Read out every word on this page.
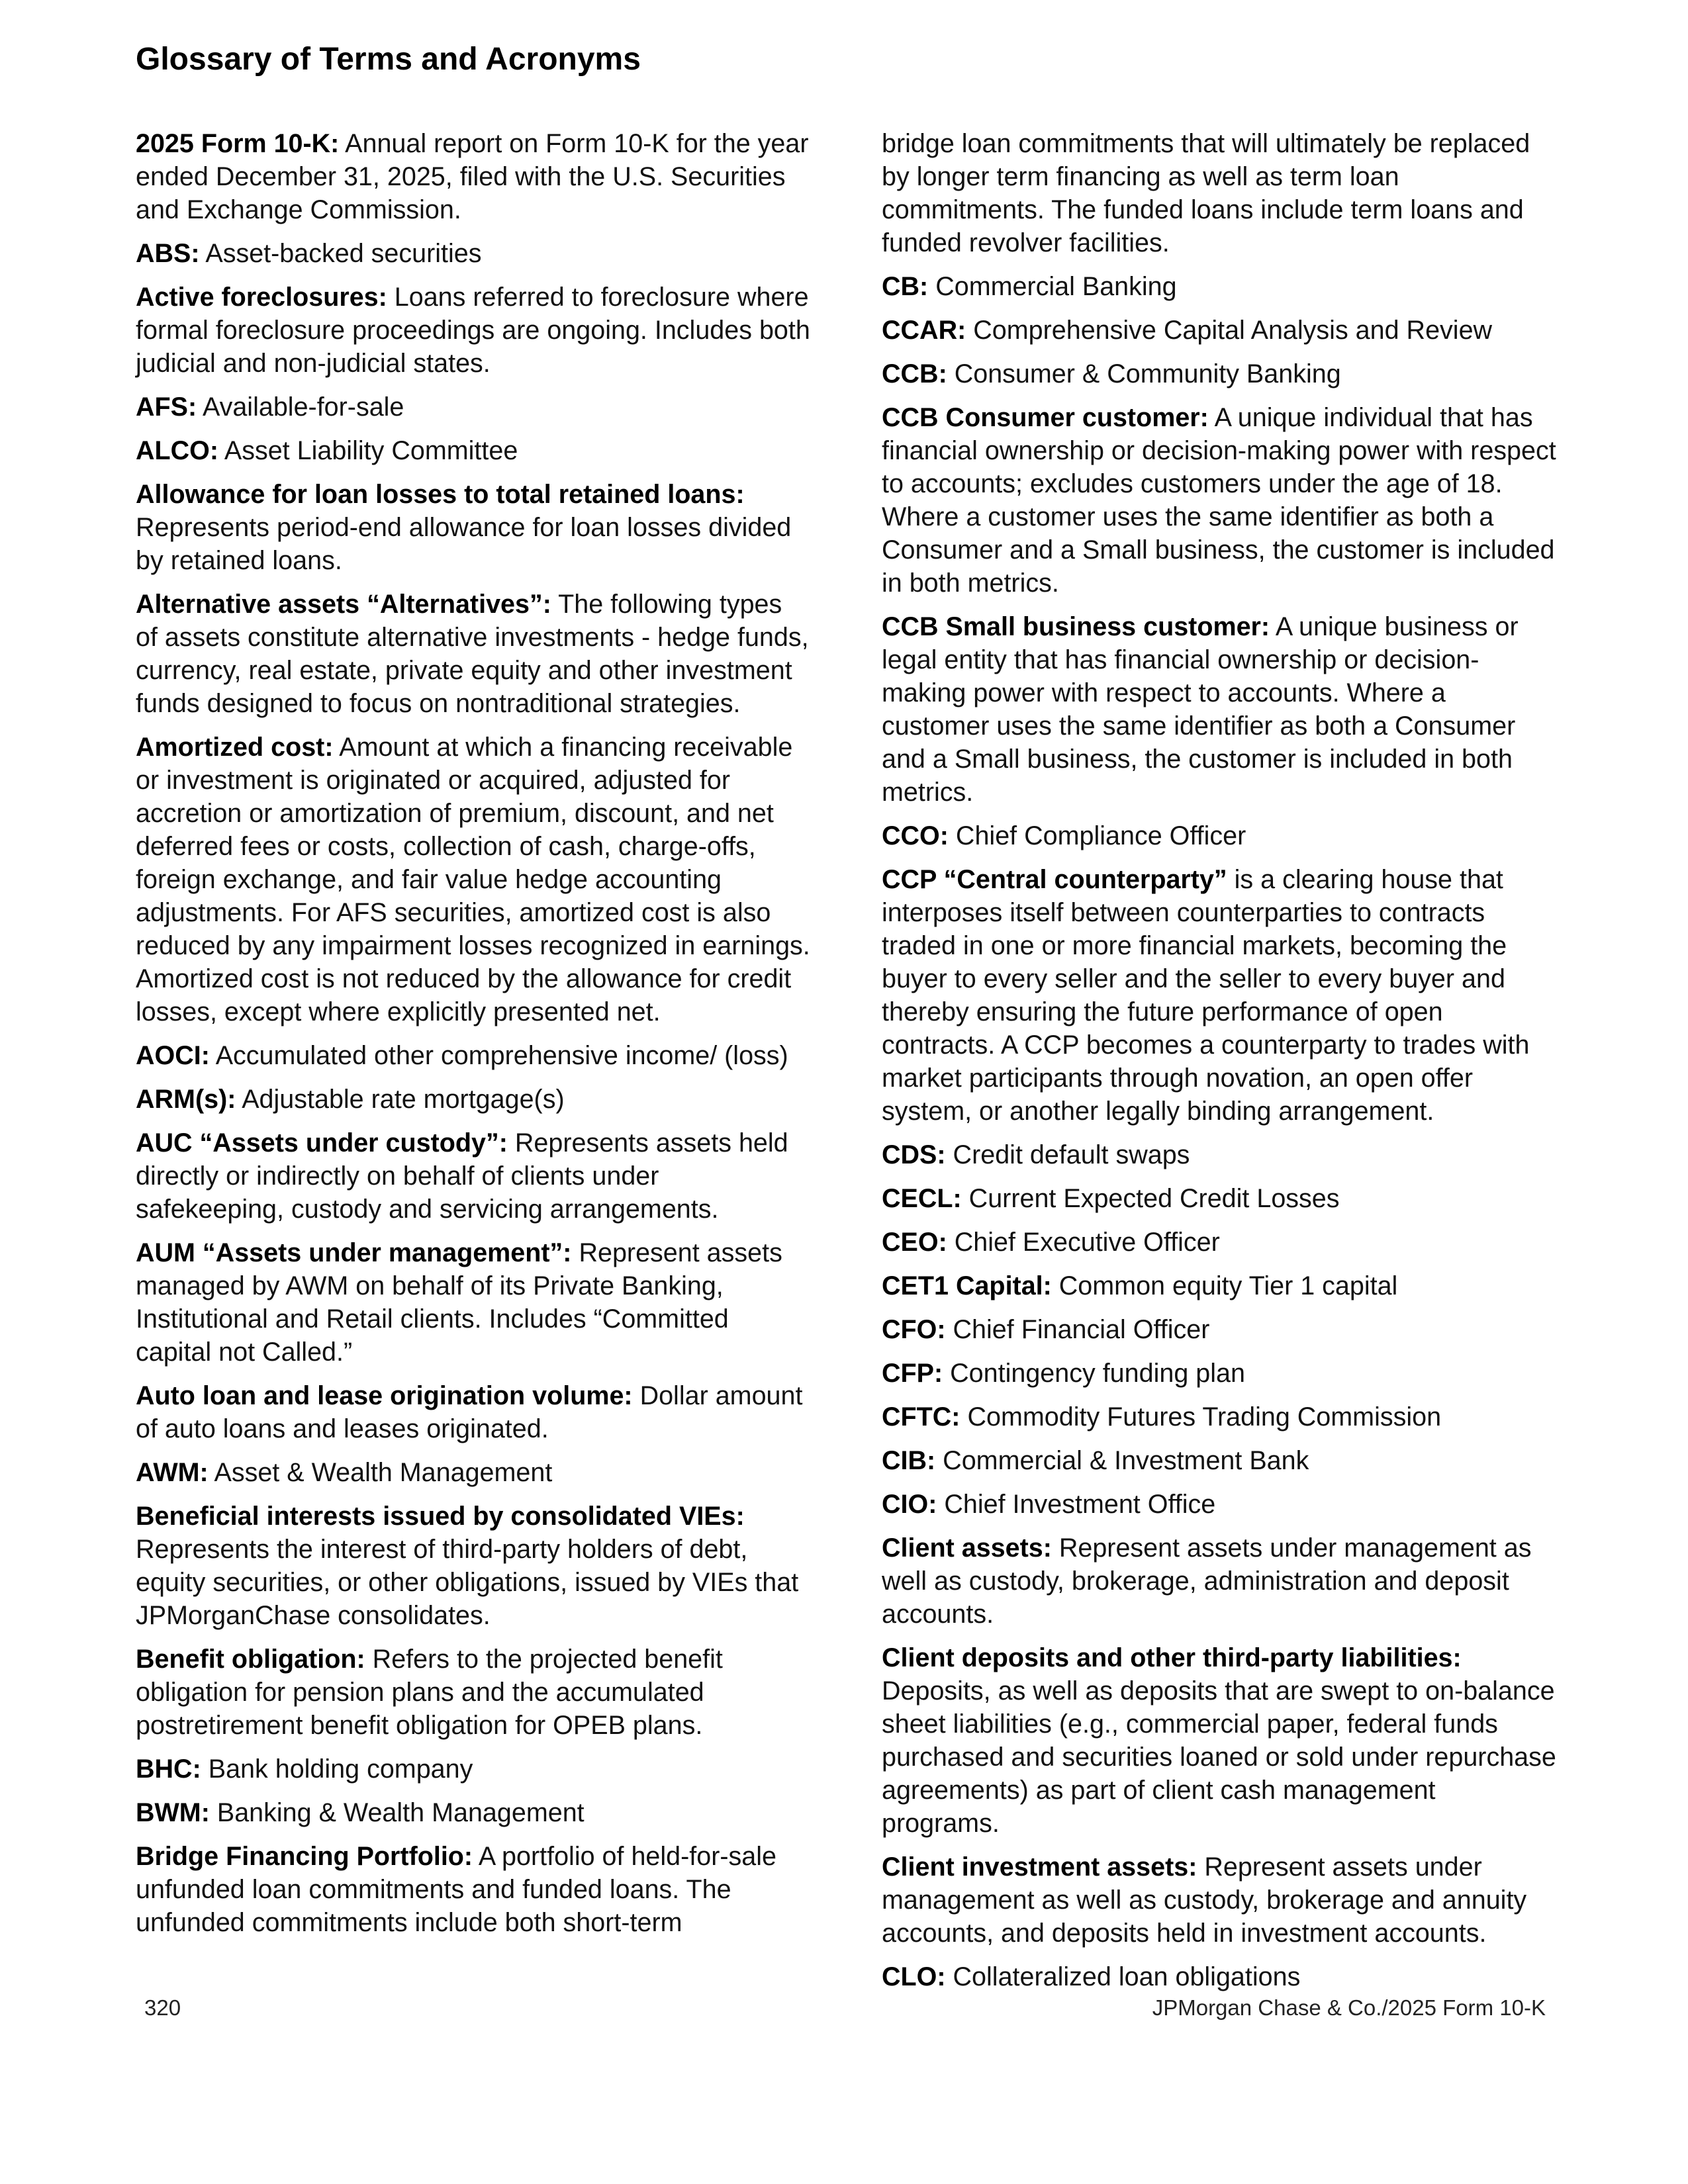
Glossary of Terms and Acronyms

2025 Form 10-K: Annual report on Form 10-K for the year ended December 31, 2025, filed with the U.S. Securities and Exchange Commission.

ABS: Asset-backed securities

Active foreclosures: Loans referred to foreclosure where formal foreclosure proceedings are ongoing. Includes both judicial and non-judicial states.

AFS: Available-for-sale

ALCO: Asset Liability Committee

Allowance for loan losses to total retained loans: Represents period-end allowance for loan losses divided by retained loans.

Alternative assets “Alternatives”: The following types of assets constitute alternative investments - hedge funds, currency, real estate, private equity and other investment funds designed to focus on nontraditional strategies.

Amortized cost: Amount at which a financing receivable or investment is originated or acquired, adjusted for accretion or amortization of premium, discount, and net deferred fees or costs, collection of cash, charge-offs, foreign exchange, and fair value hedge accounting adjustments. For AFS securities, amortized cost is also reduced by any impairment losses recognized in earnings. Amortized cost is not reduced by the allowance for credit losses, except where explicitly presented net.

AOCI: Accumulated other comprehensive income/ (loss)

ARM(s): Adjustable rate mortgage(s)

AUC “Assets under custody”: Represents assets held directly or indirectly on behalf of clients under safekeeping, custody and servicing arrangements.

AUM “Assets under management”: Represent assets managed by AWM on behalf of its Private Banking, Institutional and Retail clients. Includes “Committed capital not Called.”

Auto loan and lease origination volume: Dollar amount of auto loans and leases originated.

AWM: Asset & Wealth Management

Beneficial interests issued by consolidated VIEs: Represents the interest of third-party holders of debt, equity securities, or other obligations, issued by VIEs that JPMorganChase consolidates.

Benefit obligation: Refers to the projected benefit obligation for pension plans and the accumulated postretirement benefit obligation for OPEB plans.

BHC: Bank holding company

BWM: Banking & Wealth Management

Bridge Financing Portfolio: A portfolio of held-for-sale unfunded loan commitments and funded loans. The unfunded commitments include both short-term

bridge loan commitments that will ultimately be replaced by longer term financing as well as term loan commitments. The funded loans include term loans and funded revolver facilities.

CB: Commercial Banking

CCAR: Comprehensive Capital Analysis and Review

CCB: Consumer & Community Banking

CCB Consumer customer: A unique individual that has financial ownership or decision-making power with respect to accounts; excludes customers under the age of 18. Where a customer uses the same identifier as both a Consumer and a Small business, the customer is included in both metrics.

CCB Small business customer: A unique business or legal entity that has financial ownership or decision-making power with respect to accounts. Where a customer uses the same identifier as both a Consumer and a Small business, the customer is included in both metrics.

CCO: Chief Compliance Officer

CCP “Central counterparty” is a clearing house that interposes itself between counterparties to contracts traded in one or more financial markets, becoming the buyer to every seller and the seller to every buyer and thereby ensuring the future performance of open contracts. A CCP becomes a counterparty to trades with market participants through novation, an open offer system, or another legally binding arrangement.

CDS: Credit default swaps

CECL: Current Expected Credit Losses

CEO: Chief Executive Officer

CET1 Capital: Common equity Tier 1 capital

CFO: Chief Financial Officer

CFP: Contingency funding plan

CFTC: Commodity Futures Trading Commission

CIB: Commercial & Investment Bank

CIO: Chief Investment Office

Client assets: Represent assets under management as well as custody, brokerage, administration and deposit accounts.

Client deposits and other third-party liabilities: Deposits, as well as deposits that are swept to on-balance sheet liabilities (e.g., commercial paper, federal funds purchased and securities loaned or sold under repurchase agreements) as part of client cash management programs.

Client investment assets: Represent assets under management as well as custody, brokerage and annuity accounts, and deposits held in investment accounts.

CLO: Collateralized loan obligations

320	JPMorgan Chase & Co./2025 Form 10-K
